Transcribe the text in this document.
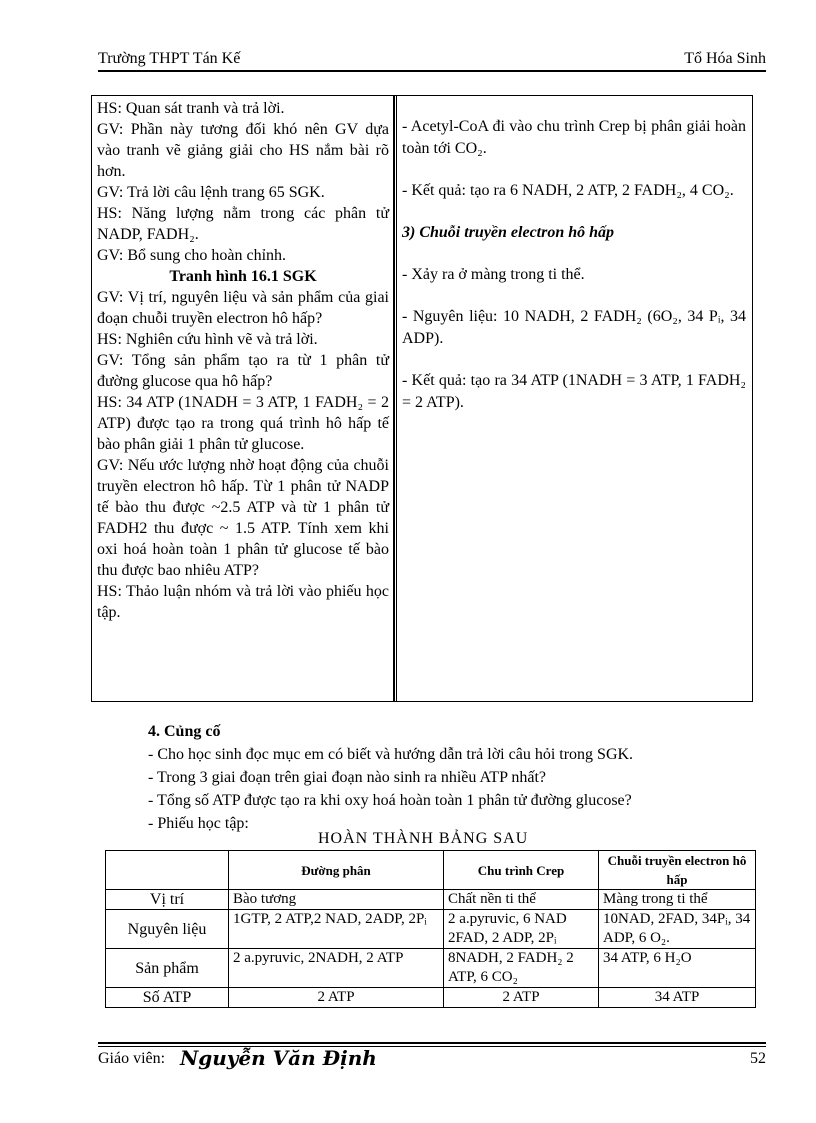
Trường THPT Tán Kế	Tổ Hóa Sinh

HS: Quan sát tranh và trả lời.

GV: Phần này tương đối khó nên GV dựa vào tranh vẽ giảng giải cho HS nắm bài rõ hơn.

GV: Trả lời câu lệnh trang 65 SGK.

HS: Năng lượng nằm trong các phân tử NADP, FADH₂.

GV: Bổ sung cho hoàn chỉnh.

Tranh hình 16.1 SGK

GV: Vị trí, nguyên liệu và sản phẩm của giai đoạn chuỗi truyền electron hô hấp?

HS: Nghiên cứu hình vẽ và trả lời.

GV: Tổng sản phẩm tạo ra từ 1 phân tử đường glucose qua hô hấp?

HS: 34 ATP (1NADH = 3 ATP, 1 FADH₂ = 2 ATP) được tạo ra trong quá trình hô hấp tế bào phân giải 1 phân tử glucose.

GV: Nếu ước lượng nhờ hoạt động của chuỗi truyền electron hô hấp. Từ 1 phân tử NADP tế bào thu được ~2.5 ATP và từ 1 phân tử FADH2 thu được ~ 1.5 ATP. Tính xem khi oxi hoá hoàn toàn 1 phân tử glucose tế bào thu được bao nhiêu ATP?

HS: Thảo luận nhóm và trả lời vào phiếu học tập.

- Acetyl-CoA đi vào chu trình Crep bị phân giải hoàn toàn tới CO₂.

- Kết quả: tạo ra 6 NADH, 2 ATP, 2 FADH₂, 4 CO₂.

3) Chuỗi truyền electron hô hấp

- Xảy ra ở màng trong ti thể.

- Nguyên liệu: 10 NADH, 2 FADH₂ (6O₂, 34 Pᵢ, 34 ADP).

- Kết quả: tạo ra 34 ATP (1NADH = 3 ATP, 1 FADH₂ = 2 ATP).

4. Củng cố

- Cho học sinh đọc mục em có biết và hướng dẫn trả lời câu hỏi trong SGK.

- Trong 3 giai đoạn trên giai đoạn nào sinh ra nhiều ATP nhất?

- Tổng số ATP được tạo ra khi oxy hoá hoàn toàn 1 phân tử đường glucose?

- Phiếu học tập:

HOÀN THÀNH BẢNG SAU
	Đường phân	Chu trình Crep	Chuỗi truyền electron hô hấp
Vị trí	Bào tương	Chất nền ti thể	Màng trong ti thể
Nguyên liệu	1GTP, 2 ATP,2 NAD, 2ADP, 2Pᵢ	2 a.pyruvic, 6 NAD 2FAD, 2 ADP, 2Pᵢ	10NAD, 2FAD, 34Pᵢ, 34 ADP, 6 O₂.
Sản phẩm	2 a.pyruvic, 2NADH, 2 ATP	8NADH, 2 FADH₂ 2 ATP, 6 CO₂	34 ATP, 6 H₂O
Số ATP	2 ATP	2 ATP	34 ATP
Giáo viên: Nguyễn Văn Định	52
